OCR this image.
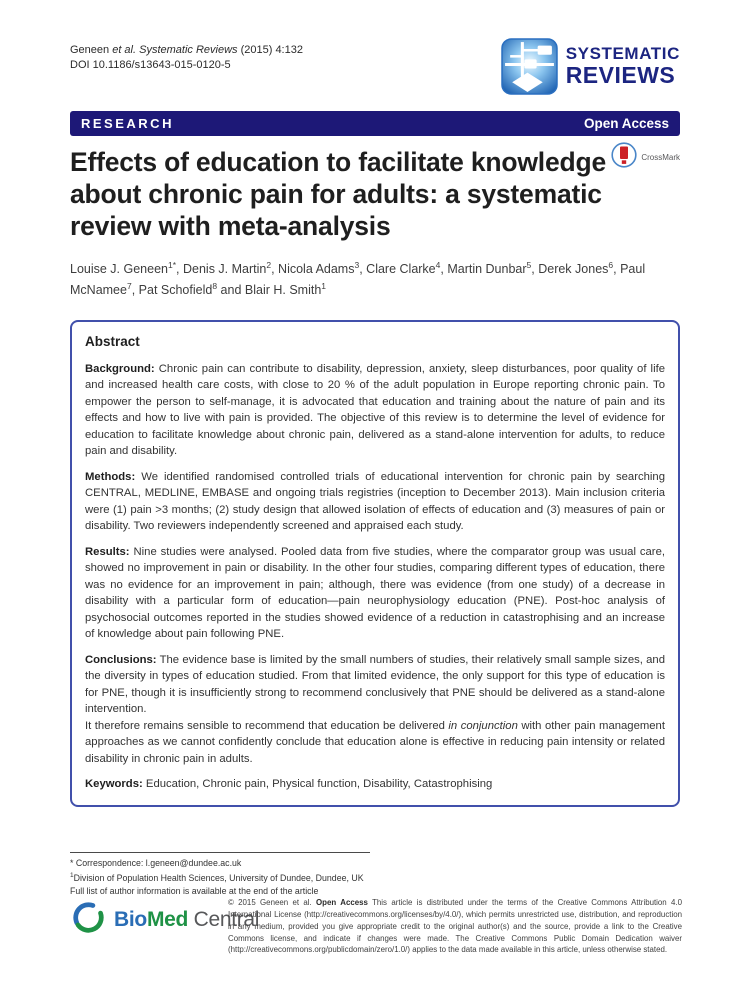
Geneen et al. Systematic Reviews (2015) 4:132
DOI 10.1186/s13643-015-0120-5
SYSTEMATIC
REVIEWS
RESEARCH	Open Access
Effects of education to facilitate knowledge about chronic pain for adults: a systematic review with meta-analysis
CrossMark
Louise J. Geneen$^{1*}$, Denis J. Martin$^2$, Nicola Adams$^3$, Clare Clarke$^4$, Martin Dunbar$^5$, Derek Jones$^6$, Paul McNamee$^7$, Pat Schofield$^8$ and Blair H. Smith$^1$
Abstract

Background: Chronic pain can contribute to disability, depression, anxiety, sleep disturbances, poor quality of life and increased health care costs, with close to 20 % of the adult population in Europe reporting chronic pain. To empower the person to self-manage, it is advocated that education and training about the nature of pain and its effects and how to live with pain is provided. The objective of this review is to determine the level of evidence for education to facilitate knowledge about chronic pain, delivered as a stand-alone intervention for adults, to reduce pain and disability.

Methods: We identified randomised controlled trials of educational intervention for chronic pain by searching CENTRAL, MEDLINE, EMBASE and ongoing trials registries (inception to December 2013). Main inclusion criteria were (1) pain >3 months; (2) study design that allowed isolation of effects of education and (3) measures of pain or disability. Two reviewers independently screened and appraised each study.

Results: Nine studies were analysed. Pooled data from five studies, where the comparator group was usual care, showed no improvement in pain or disability. In the other four studies, comparing different types of education, there was no evidence for an improvement in pain; although, there was evidence (from one study) of a decrease in disability with a particular form of education—pain neurophysiology education (PNE). Post-hoc analysis of psychosocial outcomes reported in the studies showed evidence of a reduction in catastrophising and an increase of knowledge about pain following PNE.

Conclusions: The evidence base is limited by the small numbers of studies, their relatively small sample sizes, and the diversity in types of education studied. From that limited evidence, the only support for this type of education is for PNE, though it is insufficiently strong to recommend conclusively that PNE should be delivered as a stand-alone intervention.

It therefore remains sensible to recommend that education be delivered in conjunction with other pain management approaches as we cannot confidently conclude that education alone is effective in reducing pain intensity or related disability in chronic pain in adults.

Keywords: Education, Chronic pain, Physical function, Disability, Catastrophising

* Correspondence: l.geneen@dundee.ac.uk
$^1$Division of Population Health Sciences, University of Dundee, Dundee, UK
Full list of author information is available at the end of the article
BioMed Central
© 2015 Geneen et al. Open Access This article is distributed under the terms of the Creative Commons Attribution 4.0 International License (http://creativecommons.org/licenses/by/4.0/), which permits unrestricted use, distribution, and reproduction in any medium, provided you give appropriate credit to the original author(s) and the source, provide a link to the Creative Commons license, and indicate if changes were made. The Creative Commons Public Domain Dedication waiver (http://creativecommons.org/publicdomain/zero/1.0/) applies to the data made available in this article, unless otherwise stated.
